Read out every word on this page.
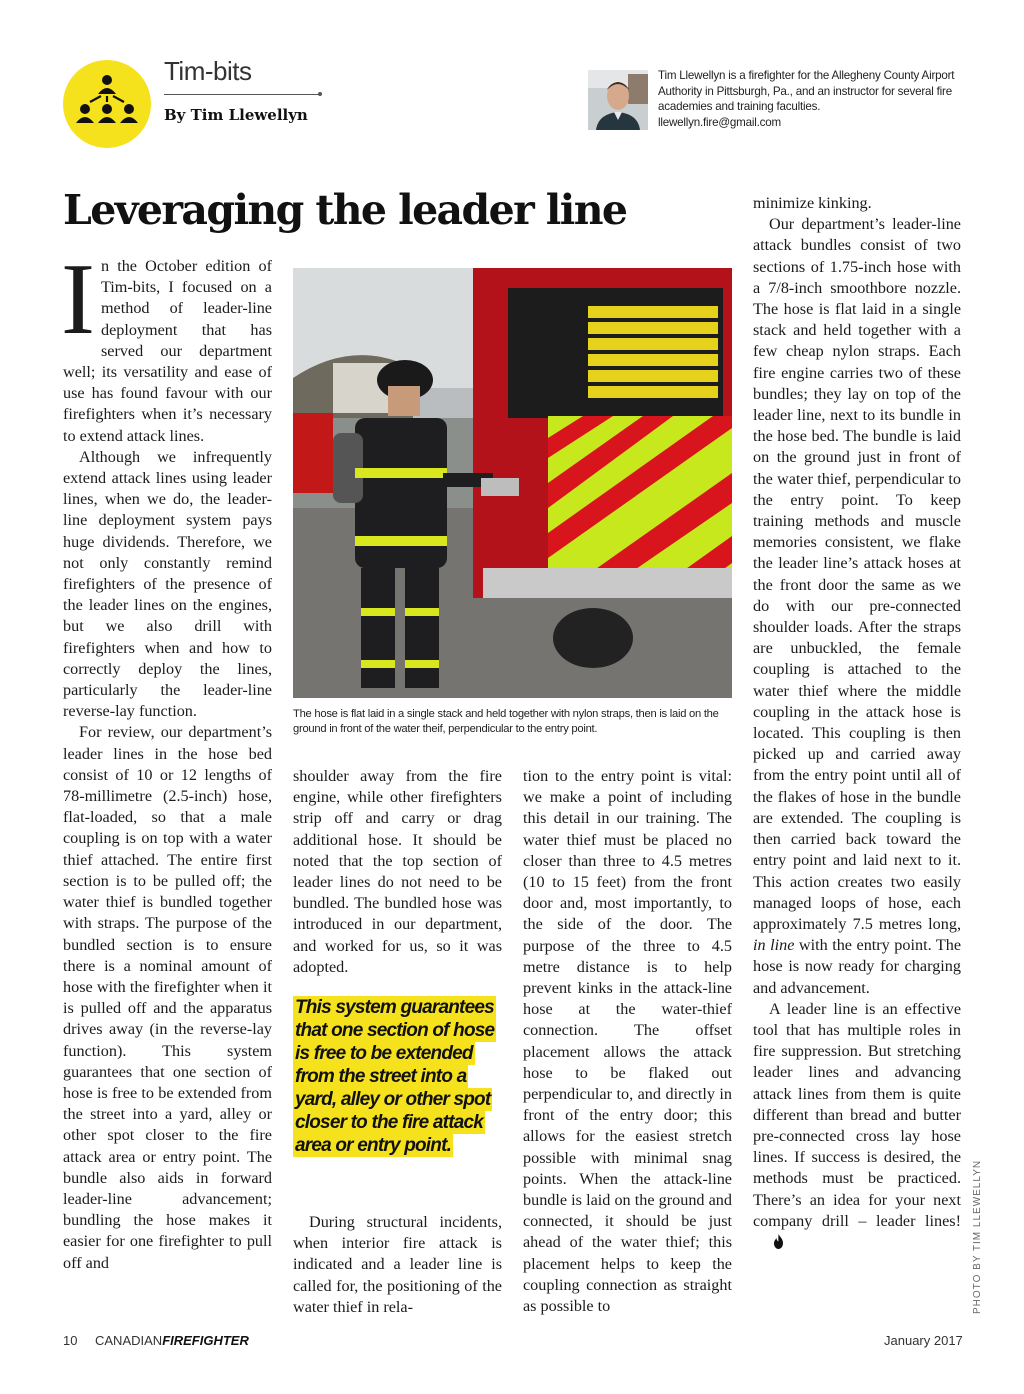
Tim-bits
By Tim Llewellyn
Tim Llewellyn is a firefighter for the Allegheny County Airport Authority in Pittsburgh, Pa., and an instructor for several fire academies and training faculties.
llewellyn.fire@gmail.com
Leveraging the leader line

In the October edition of Tim-bits, I focused on a method of leader-line deployment that has served our department well; its versatility and ease of use has found favour with our firefighters when it’s necessary to extend attack lines.

Although we infrequently extend attack lines using leader lines, when we do, the leader-line deployment system pays huge dividends. Therefore, we not only constantly remind firefighters of the presence of the leader lines on the engines, but we also drill with firefighters when and how to correctly deploy the lines, particularly the leader-line reverse-lay function.

For review, our department’s leader lines in the hose bed consist of 10 or 12 lengths of 78-millimetre (2.5-inch) hose, flat-loaded, so that a male coupling is on top with a water thief attached. The entire first section is to be pulled off; the water thief is bundled together with straps. The purpose of the bundled section is to ensure there is a nominal amount of hose with the firefighter when it is pulled off and the apparatus drives away (in the reverse-lay function). This system guarantees that one section of hose is free to be extended from the street into a yard, alley or other spot closer to the fire attack area or entry point. The bundle also aids in forward leader-line advancement; bundling the hose makes it easier for one firefighter to pull off and

The hose is flat laid in a single stack and held together with nylon straps, then is laid on the ground in front of the water theif, perpendicular to the entry point.

shoulder away from the fire engine, while other firefighters strip off and carry or drag additional hose. It should be noted that the top section of leader lines do not need to be bundled. The bundled hose was introduced in our department, and worked for us, so it was adopted.

This system guarantees that one section of hose is free to be extended from the street into a yard, alley or other spot closer to the fire attack area or entry point.

During structural incidents, when interior fire attack is indicated and a leader line is called for, the positioning of the water thief in rela-

tion to the entry point is vital: we make a point of including this detail in our training. The water thief must be placed no closer than three to 4.5 metres (10 to 15 feet) from the front door and, most importantly, to the side of the door. The purpose of the three to 4.5 metre distance is to help prevent kinks in the attack-line hose at the water-thief connection. The offset placement allows the attack hose to be flaked out perpendicular to, and directly in front of the entry door; this allows for the easiest stretch possible with minimal snag points. When the attack-line bundle is laid on the ground and connected, it should be just ahead of the water thief; this placement helps to keep the coupling connection as straight as possible to

minimize kinking.

Our department’s leader-line attack bundles consist of two sections of 1.75-inch hose with a 7/8-inch smoothbore nozzle. The hose is flat laid in a single stack and held together with a few cheap nylon straps. Each fire engine carries two of these bundles; they lay on top of the leader line, next to its bundle in the hose bed. The bundle is laid on the ground just in front of the water thief, perpendicular to the entry point. To keep training methods and muscle memories consistent, we flake the leader line’s attack hoses at the front door the same as we do with our pre-connected shoulder loads. After the straps are unbuckled, the female coupling is attached to the water thief where the middle coupling in the attack hose is located. This coupling is then picked up and carried away from the entry point until all of the flakes of hose in the bundle are extended. The coupling is then carried back toward the entry point and laid next to it. This action creates two easily managed loops of hose, each approximately 7.5 metres long, in line with the entry point. The hose is now ready for charging and advancement.

A leader line is an effective tool that has multiple roles in fire suppression. But stretching leader lines and advancing attack lines from them is quite different than bread and butter pre-connected cross lay hose lines. If success is desired, the methods must be practiced. There’s an idea for your next company drill – leader lines! PHOTO BY TIM LLEWELLYN
10 CANADIANFIREFIGHTER	January 2017
